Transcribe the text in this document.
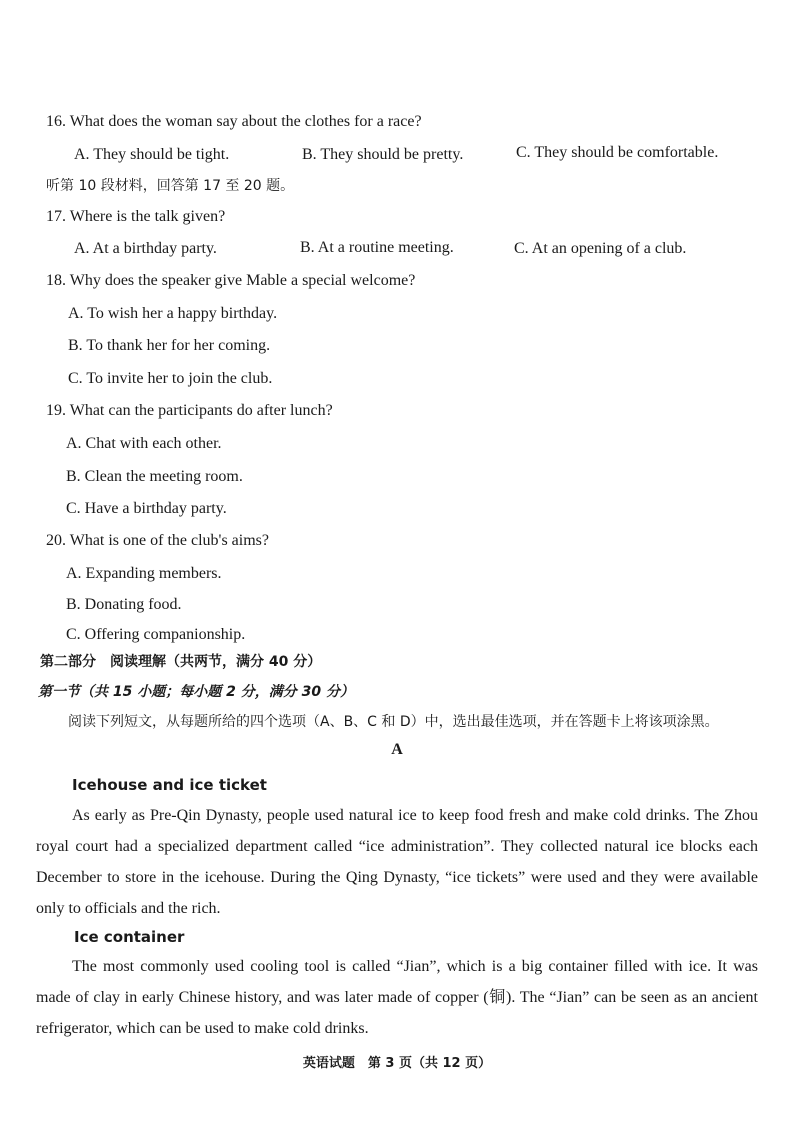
16. What does the woman say about the clothes for a race?
A. They should be tight.	B. They should be pretty.	C. They should be comfortable.
听第 10 段材料，回答第 17 至 20 题。
17. Where is the talk given?
A. At a birthday party.	B. At a routine meeting.	C. At an opening of a club.
18. Why does the speaker give Mable a special welcome?
A. To wish her a happy birthday.
B. To thank her for her coming.
C. To invite her to join the club.
19. What can the participants do after lunch?
A. Chat with each other.
B. Clean the meeting room.
C. Have a birthday party.
20. What is one of the club's aims?
A. Expanding members.
B. Donating food.
C. Offering companionship.
第二部分　阅读理解（共两节，满分 40 分）
第一节（共 15 小题；每小题 2 分，满分 30 分）
阅读下列短文，从每题所给的四个选项（A、B、C 和 D）中，选出最佳选项，并在答题卡上将该项涂黑。
A
Icehouse and ice ticket
As early as Pre-Qin Dynasty, people used natural ice to keep food fresh and make cold drinks. The Zhou royal court had a specialized department called “ice administration”. They collected natural ice blocks each December to store in the icehouse. During the Qing Dynasty, “ice tickets” were used and they were available only to officials and the rich.
Ice container
The most commonly used cooling tool is called “Jian”, which is a big container filled with ice. It was made of clay in early Chinese history, and was later made of copper (铜). The “Jian” can be seen as an ancient refrigerator, which can be used to make cold drinks.
英语试题　第 3 页（共 12 页）
